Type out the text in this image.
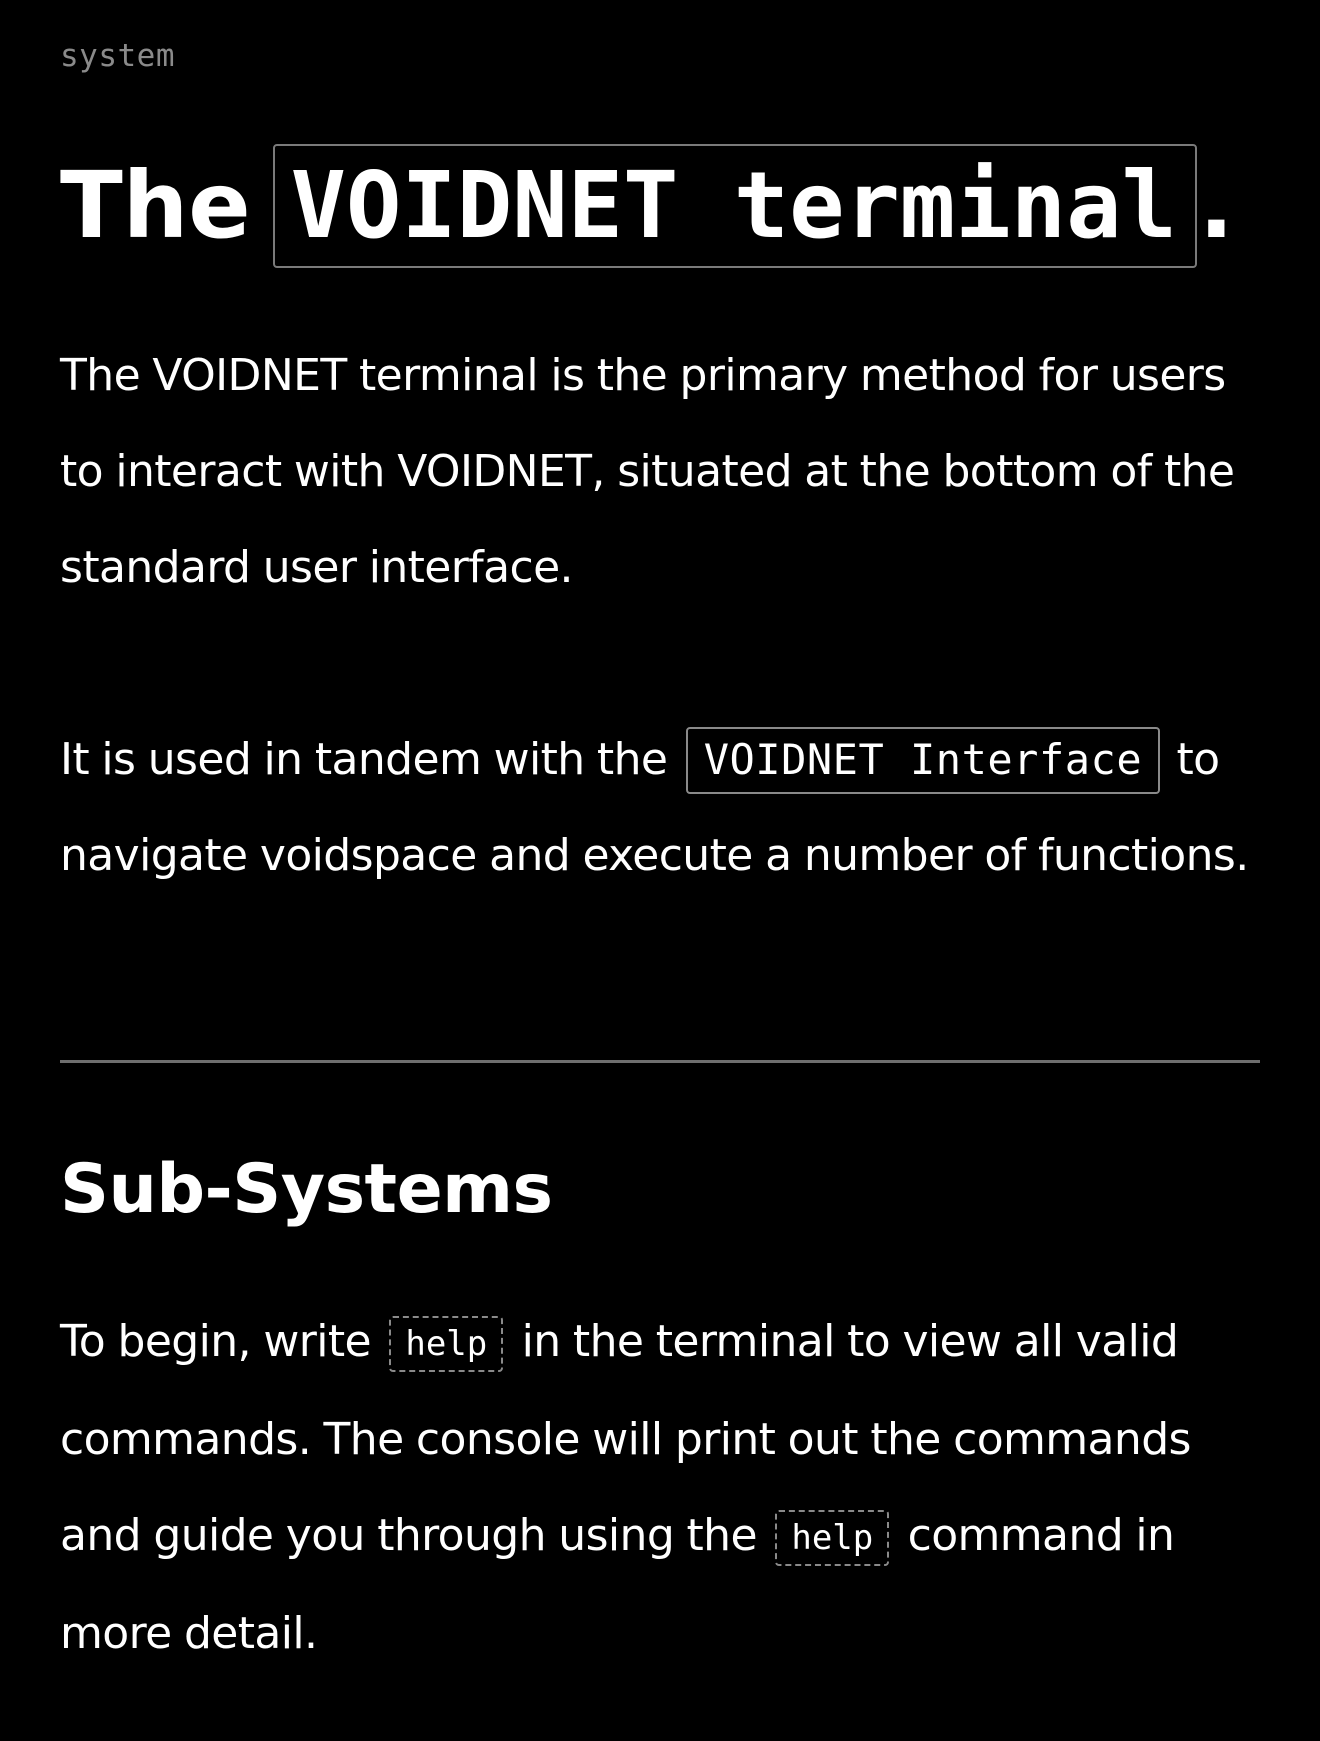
system
The VOIDNET terminal .

The VOIDNET terminal is the primary method for users to interact with VOIDNET, situated at the bottom of the standard user interface.

It is used in tandem with the VOIDNET Interface to navigate voidspace and execute a number of functions.

Sub-Systems

To begin, write help in the terminal to view all valid commands. The console will print out the commands and guide you through using the help command in more detail.
